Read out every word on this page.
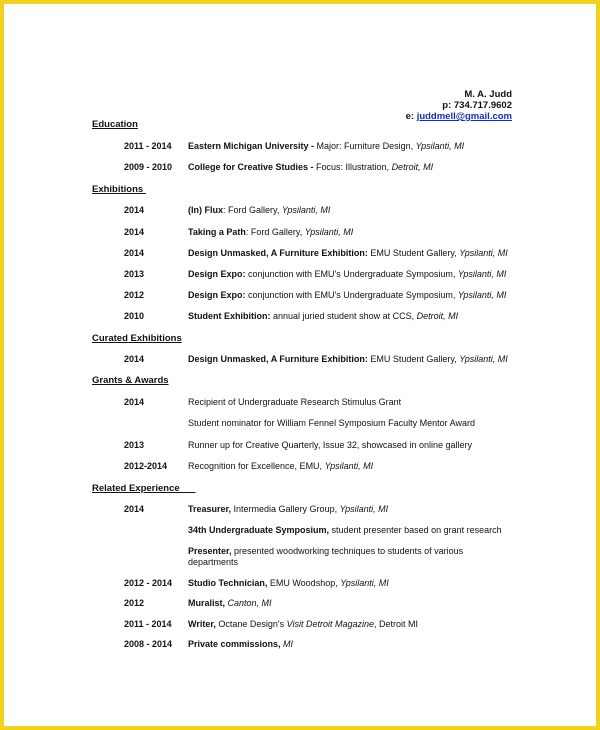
M. A. Judd
p: 734.717.9602
e: juddmell@gmail.com
Education
2011 - 2014 Eastern Michigan University - Major: Furniture Design, Ypsilanti, MI
2009 - 2010 College for Creative Studies - Focus: Illustration, Detroit, MI
Exhibitions
2014	(In) Flux: Ford Gallery, Ypsilanti, MI
2014	Taking a Path: Ford Gallery, Ypsilanti, MI
2014	Design Unmasked, A Furniture Exhibition: EMU Student Gallery, Ypsilanti, MI
2013	Design Expo: conjunction with EMU's Undergraduate Symposium, Ypsilanti, MI
2012	Design Expo: conjunction with EMU's Undergraduate Symposium, Ypsilanti, MI
2010	Student Exhibition: annual juried student show at CCS, Detroit, MI
Curated Exhibitions
2014	Design Unmasked, A Furniture Exhibition: EMU Student Gallery, Ypsilanti, MI
Grants & Awards
2014	Recipient of Undergraduate Research Stimulus Grant
Student nominator for William Fennel Symposium Faculty Mentor Award
2013	Runner up for Creative Quarterly, Issue 32, showcased in online gallery
2012-2014 Recognition for Excellence, EMU, Ypsilanti, MI
Related Experience
2014	Treasurer, Intermedia Gallery Group, Ypsilanti, MI
34th Undergraduate Symposium, student presenter based on grant research
Presenter, presented woodworking techniques to students of various departments
2012 - 2014 Studio Technician, EMU Woodshop, Ypsilanti, MI
2012	Muralist, Canton, MI
2011 - 2014 Writer, Octane Design's Visit Detroit Magazine, Detroit MI
2008 - 2014 Private commissions, MI
